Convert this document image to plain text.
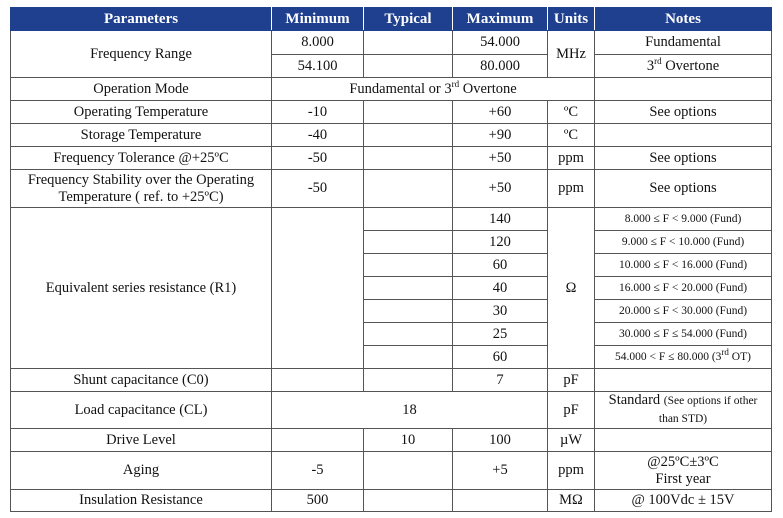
Parameters	Minimum	Typical	Maximum	Units	Notes
Frequency Range	8.000		54.000	MHz	Fundamental
	54.100		80.000		3rd Overtone
Operation Mode	Fundamental or 3rd Overtone				
Operating Temperature	-10		+60	ºC	See options
Storage Temperature	-40		+90	ºC	
Frequency Tolerance @+25ºC	-50		+50	ppm	See options
Frequency Stability over the Operating
Temperature ( ref. to +25ºC)	-50		+50	ppm	See options
Equivalent series resistance (R1)			140	Ω	8.000 ≤ F < 9.000 (Fund)
			120		9.000 ≤ F < 10.000 (Fund)
			60		10.000 ≤ F < 16.000 (Fund)
			40		16.000 ≤ F < 20.000 (Fund)
			30		20.000 ≤ F < 30.000 (Fund)
			25		30.000 ≤ F ≤ 54.000 (Fund)
			60		54.000 < F ≤ 80.000 (3rd OT)
Shunt capacitance (C0)			7	pF	
Load capacitance (CL)	18			pF	Standard (See options if other
than STD)
Drive Level		10	100	µW	
Aging	-5		+5	ppm	@25ºC±3ºC
First year
Insulation Resistance	500			MΩ	@ 100Vdc ± 15V
